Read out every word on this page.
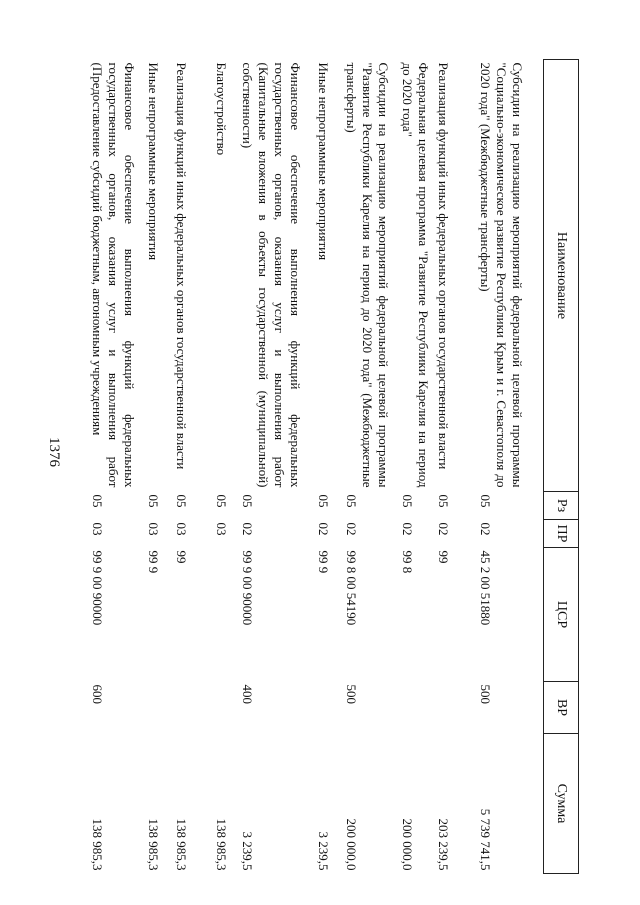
1376
Наименование	Рз	ПР	ЦСР	ВР	Сумма
Субсидии на реализацию мероприятий федеральной целевой программы "Социально-экономическое развитие Республики Крым и г. Севастополя до 2020 года" (Межбюджетные трансферты)	05	02	45 2 00 51880	500	5 739 741,5
Реализация функций иных федеральных органов государственной власти	05	02	99		203 239,5
Федеральная целевая программа "Развитие Республики Карелия на период до 2020 года"	05	02	99 8		200 000,0
Субсидии на реализацию мероприятий федеральной целевой программы "Развитие Республики Карелия на период до 2020 года" (Межбюджетные трансферты)	05	02	99 8 00 54190	500	200 000,0
Иные непрограммные мероприятия	05	02	99 9		3 239,5
Финансовое обеспечение выполнения функций федеральных государственных органов, оказания услуг и выполнения работ (Капитальные вложения в объекты государственной (муниципальной) собственности)	05	02	99 9 00 90000	400	3 239,5
Благоустройство	05	03			138 985,3
Реализация функций иных федеральных органов государственной власти	05	03	99		138 985,3
Иные непрограммные мероприятия	05	03	99 9		138 985,3
Финансовое обеспечение выполнения функций федеральных государственных органов, оказания услуг и выполнения работ (Предоставление субсидий бюджетным, автономным учреждениям	05	03	99 9 00 90000	600	138 985,3
